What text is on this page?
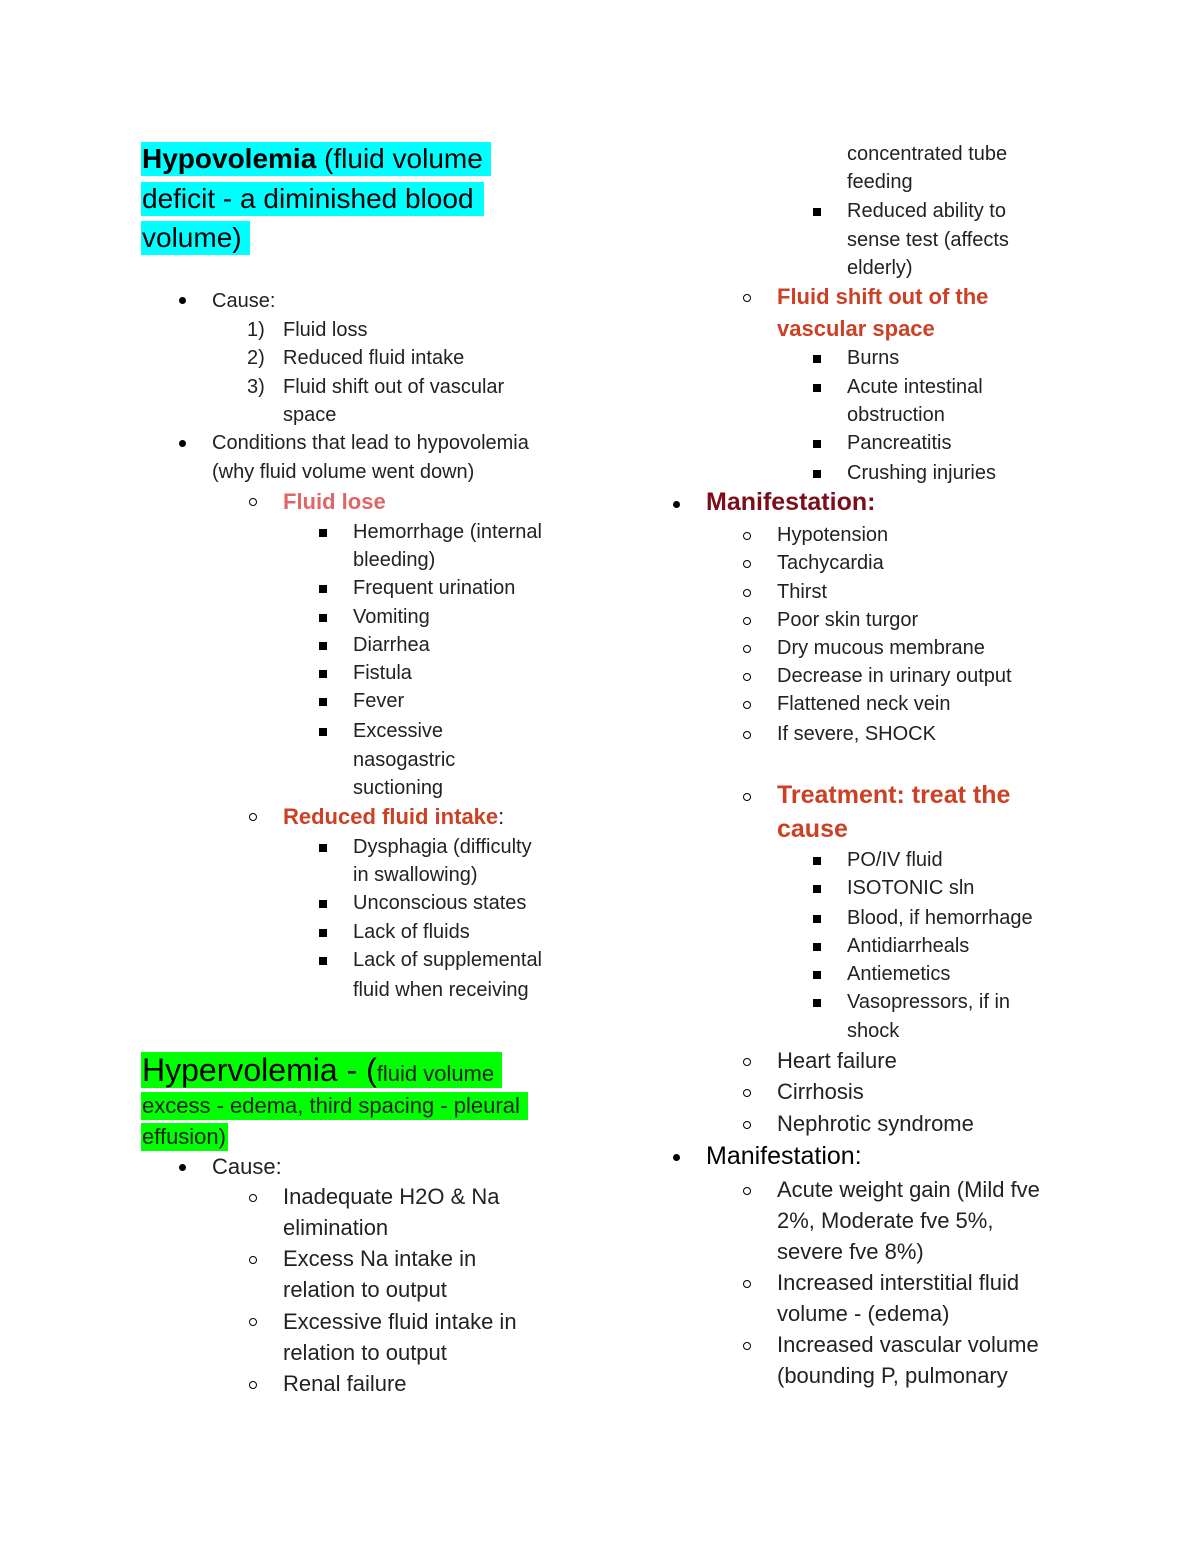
Hypovolemia (fluid volume
deficit - a diminished blood
volume)
Cause:
1) Fluid loss
2) Reduced fluid intake
3) Fluid shift out of vascular
space
Conditions that lead to hypovolemia
(why fluid volume went down)
Fluid lose
Hemorrhage (internal
bleeding)
Frequent urination
Vomiting
Diarrhea
Fistula
Fever
Excessive
nasogastric
suctioning
Reduced fluid intake:
Dysphagia (difficulty
in swallowing)
Unconscious states
Lack of fluids
Lack of supplemental
fluid when receiving
Hypervolemia - (fluid volume
excess - edema, third spacing - pleural
effusion)
Cause:
Inadequate H2O & Na
elimination
Excess Na intake in
relation to output
Excessive fluid intake in
relation to output
Renal failure
concentrated tube
feeding
Reduced ability to
sense test (affects
elderly)
Fluid shift out of the
vascular space
Burns
Acute intestinal
obstruction
Pancreatitis
Crushing injuries
Manifestation:
Hypotension
Tachycardia
Thirst
Poor skin turgor
Dry mucous membrane
Decrease in urinary output
Flattened neck vein
If severe, SHOCK
Treatment: treat the
cause
PO/IV fluid
ISOTONIC sln
Blood, if hemorrhage
Antidiarrheals
Antiemetics
Vasopressors, if in
shock
Heart failure
Cirrhosis
Nephrotic syndrome
Manifestation:
Acute weight gain (Mild fve
2%, Moderate fve 5%,
severe fve 8%)
Increased interstitial fluid
volume - (edema)
Increased vascular volume
(bounding P, pulmonary
